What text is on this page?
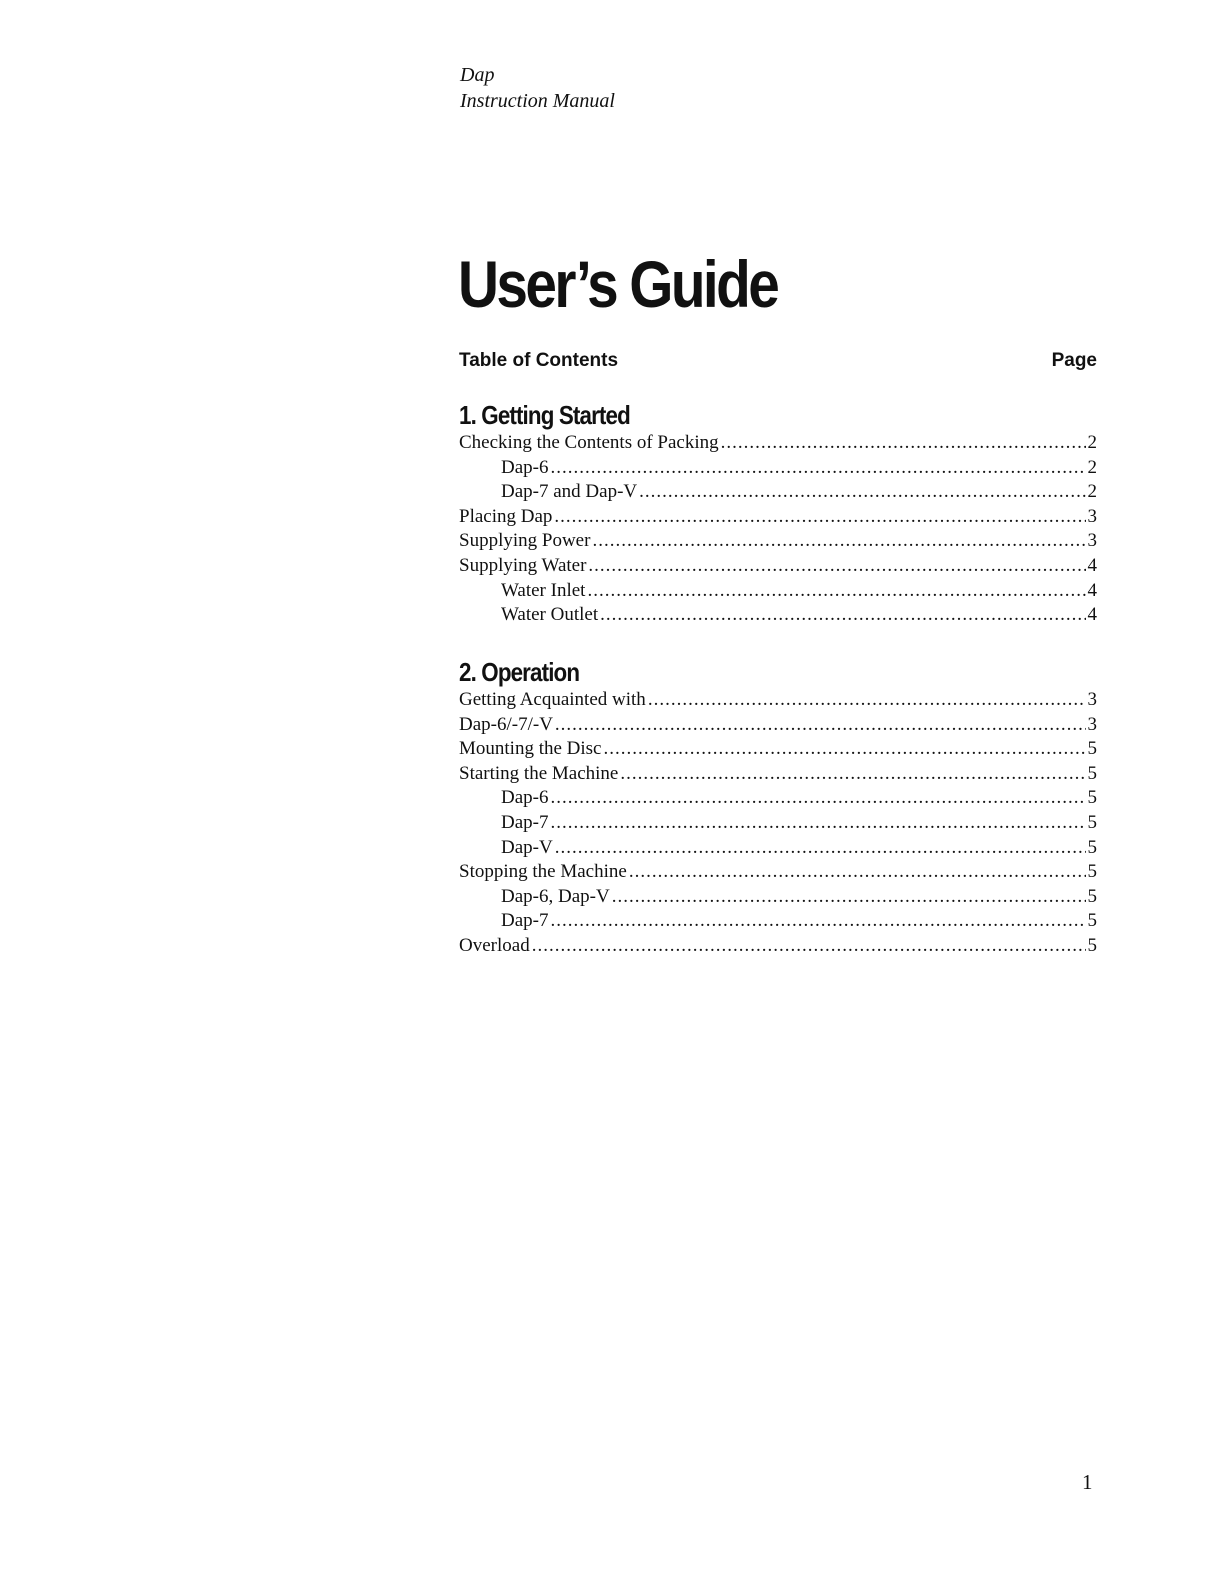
Dap
Instruction Manual
User’s Guide
Table of Contents	Page
1. Getting Started
Checking the Contents of Packing .....	2
Dap-6 .....	2
Dap-7 and Dap-V .....	2
Placing Dap .....	3
Supplying Power .....	3
Supplying Water .....	4
Water Inlet .....	4
Water Outlet .....	4
2. Operation
Getting Acquainted with .....	3
Dap-6/-7/-V .....	3
Mounting the Disc .....	5
Starting the Machine .....	5
Dap-6 .....	5
Dap-7 .....	5
Dap-V .....	5
Stopping the Machine .....	5
Dap-6, Dap-V .....	5
Dap-7 .....	5
Overload .....	5
1
